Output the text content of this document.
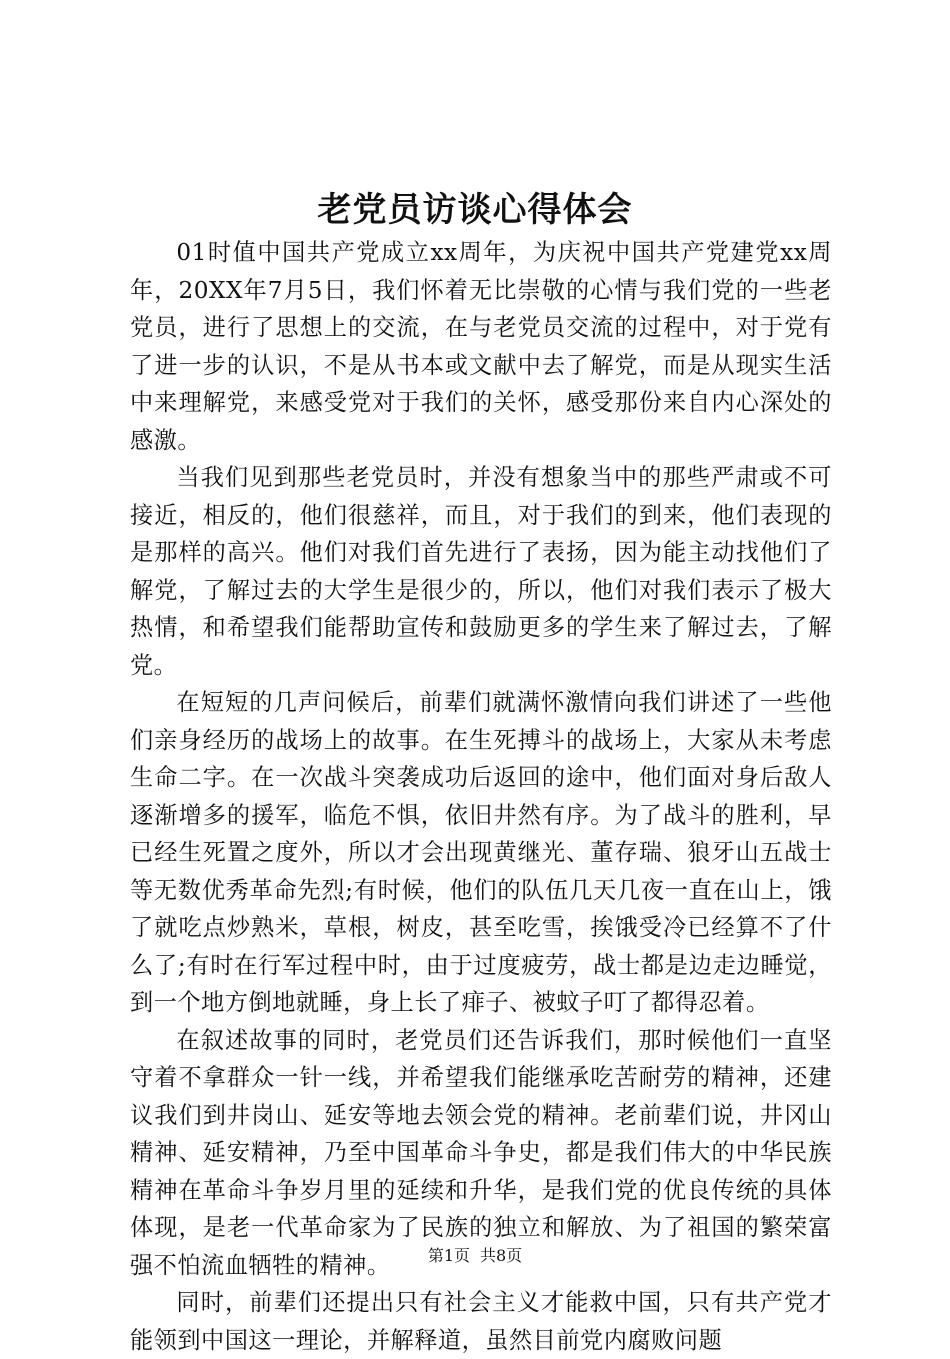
老党员访谈心得体会

01时值中国共产党成立xx周年，为庆祝中国共产党建党xx周年，20XX年7月5日，我们怀着无比崇敬的心情与我们党的一些老党员，进行了思想上的交流，在与老党员交流的过程中，对于党有了进一步的认识，不是从书本或文献中去了解党，而是从现实生活中来理解党，来感受党对于我们的关怀，感受那份来自内心深处的感激。

当我们见到那些老党员时，并没有想象当中的那些严肃或不可接近，相反的，他们很慈祥，而且，对于我们的到来，他们表现的是那样的高兴。他们对我们首先进行了表扬，因为能主动找他们了解党，了解过去的大学生是很少的，所以，他们对我们表示了极大热情，和希望我们能帮助宣传和鼓励更多的学生来了解过去，了解党。

在短短的几声问候后，前辈们就满怀激情向我们讲述了一些他们亲身经历的战场上的故事。在生死搏斗的战场上，大家从未考虑生命二字。在一次战斗突袭成功后返回的途中，他们面对身后敌人逐渐增多的援军，临危不惧，依旧井然有序。为了战斗的胜利，早已经生死置之度外，所以才会出现黄继光、董存瑞、狼牙山五战士等无数优秀革命先烈;有时候，他们的队伍几天几夜一直在山上，饿了就吃点炒熟米，草根，树皮，甚至吃雪，挨饿受冷已经算不了什么了;有时在行军过程中时，由于过度疲劳，战士都是边走边睡觉，到一个地方倒地就睡，身上长了痱子、被蚊子叮了都得忍着。

在叙述故事的同时，老党员们还告诉我们，那时候他们一直坚守着不拿群众一针一线，并希望我们能继承吃苦耐劳的精神，还建议我们到井岗山、延安等地去领会党的精神。老前辈们说，井冈山精神、延安精神，乃至中国革命斗争史，都是我们伟大的中华民族精神在革命斗争岁月里的延续和升华，是我们党的优良传统的具体体现，是老一代革命家为了民族的独立和解放、为了祖国的繁荣富强不怕流血牺牲的精神。

同时，前辈们还提出只有社会主义才能救中国，只有共产党才能领到中国这一理论，并解释道，虽然目前党内腐败问题

第1页 共8页
